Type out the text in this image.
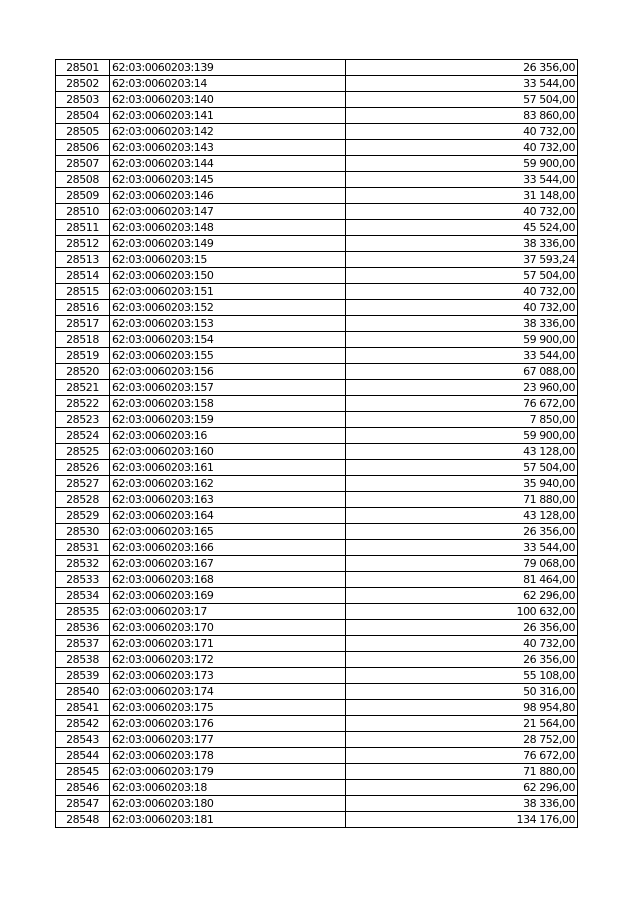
28501	62:03:0060203:139	26 356,00
28502	62:03:0060203:14	33 544,00
28503	62:03:0060203:140	57 504,00
28504	62:03:0060203:141	83 860,00
28505	62:03:0060203:142	40 732,00
28506	62:03:0060203:143	40 732,00
28507	62:03:0060203:144	59 900,00
28508	62:03:0060203:145	33 544,00
28509	62:03:0060203:146	31 148,00
28510	62:03:0060203:147	40 732,00
28511	62:03:0060203:148	45 524,00
28512	62:03:0060203:149	38 336,00
28513	62:03:0060203:15	37 593,24
28514	62:03:0060203:150	57 504,00
28515	62:03:0060203:151	40 732,00
28516	62:03:0060203:152	40 732,00
28517	62:03:0060203:153	38 336,00
28518	62:03:0060203:154	59 900,00
28519	62:03:0060203:155	33 544,00
28520	62:03:0060203:156	67 088,00
28521	62:03:0060203:157	23 960,00
28522	62:03:0060203:158	76 672,00
28523	62:03:0060203:159	7 850,00
28524	62:03:0060203:16	59 900,00
28525	62:03:0060203:160	43 128,00
28526	62:03:0060203:161	57 504,00
28527	62:03:0060203:162	35 940,00
28528	62:03:0060203:163	71 880,00
28529	62:03:0060203:164	43 128,00
28530	62:03:0060203:165	26 356,00
28531	62:03:0060203:166	33 544,00
28532	62:03:0060203:167	79 068,00
28533	62:03:0060203:168	81 464,00
28534	62:03:0060203:169	62 296,00
28535	62:03:0060203:17	100 632,00
28536	62:03:0060203:170	26 356,00
28537	62:03:0060203:171	40 732,00
28538	62:03:0060203:172	26 356,00
28539	62:03:0060203:173	55 108,00
28540	62:03:0060203:174	50 316,00
28541	62:03:0060203:175	98 954,80
28542	62:03:0060203:176	21 564,00
28543	62:03:0060203:177	28 752,00
28544	62:03:0060203:178	76 672,00
28545	62:03:0060203:179	71 880,00
28546	62:03:0060203:18	62 296,00
28547	62:03:0060203:180	38 336,00
28548	62:03:0060203:181	134 176,00
